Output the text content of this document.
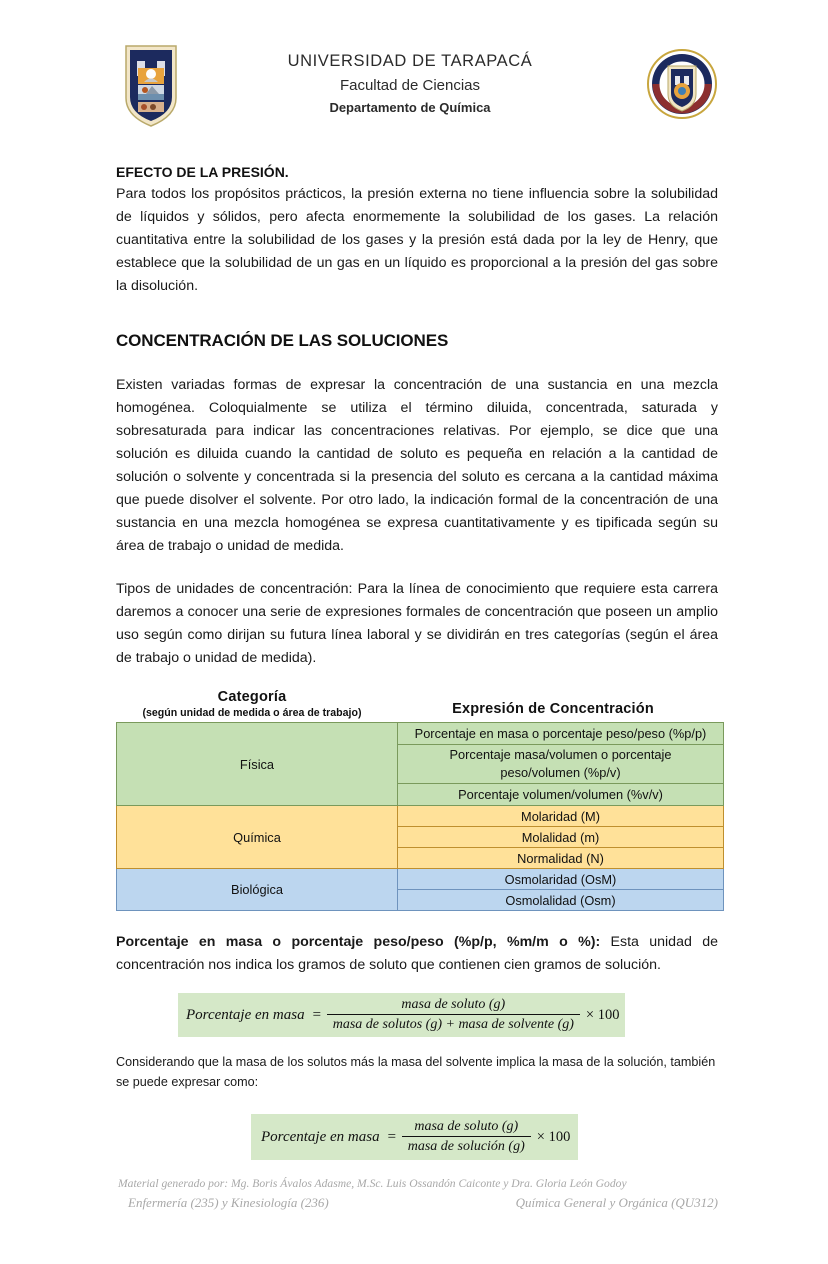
UNIVERSIDAD DE TARAPACÁ
Facultad de Ciencias
Departamento de Química
EFECTO DE LA PRESIÓN.

Para todos los propósitos prácticos, la presión externa no tiene influencia sobre la solubilidad de líquidos y sólidos, pero afecta enormemente la solubilidad de los gases. La relación cuantitativa entre la solubilidad de los gases y la presión está dada por la ley de Henry, que establece que la solubilidad de un gas en un líquido es proporcional a la presión del gas sobre la disolución.

CONCENTRACIÓN DE LAS SOLUCIONES

Existen variadas formas de expresar la concentración de una sustancia en una mezcla homogénea. Coloquialmente se utiliza el término diluida, concentrada, saturada y sobresaturada para indicar las concentraciones relativas. Por ejemplo, se dice que una solución es diluida cuando la cantidad de soluto es pequeña en relación a la cantidad de solución o solvente y concentrada si la presencia del soluto es cercana a la cantidad máxima que puede disolver el solvente. Por otro lado, la indicación formal de la concentración de una sustancia en una mezcla homogénea se expresa cuantitativamente y es tipificada según su área de trabajo o unidad de medida.

Tipos de unidades de concentración: Para la línea de conocimiento que requiere esta carrera daremos a conocer una serie de expresiones formales de concentración que poseen un amplio uso según como dirijan su futura línea laboral y se dividirán en tres categorías (según el área de trabajo o unidad de medida).

Categoría
(según unidad de medida o área de trabajo)	Expresión de Concentración
Física	Porcentaje en masa o porcentaje peso/peso (%p/p)
	Porcentaje masa/volumen o porcentaje
peso/volumen (%p/v)
	Porcentaje volumen/volumen (%v/v)
Química	Molaridad (M)
	Molalidad (m)
	Normalidad (N)
Biológica	Osmolaridad (OsM)
	Osmolalidad (Osm)

Porcentaje en masa o porcentaje peso/peso (%p/p, %m/m o %): Esta unidad de concentración nos indica los gramos de soluto que contienen cien gramos de solución.

Porcentaje en masa = $\frac{\text{masa de soluto (g)}}{\text{masa de solutos (g) + masa de solvente (g)}} \times 100$

Considerando que la masa de los solutos más la masa del solvente implica la masa de la solución, también se puede expresar como:

Porcentaje en masa = $\frac{\text{masa de soluto (g)}}{\text{masa de solución (g)}} \times 100$
Material generado por: Mg. Boris Ávalos Adasme, M.Sc. Luis Ossandón Caiconte y Dra. Gloria León Godoy
Enfermería (235) y Kinesiología (236)	Química General y Orgánica (QU312)
